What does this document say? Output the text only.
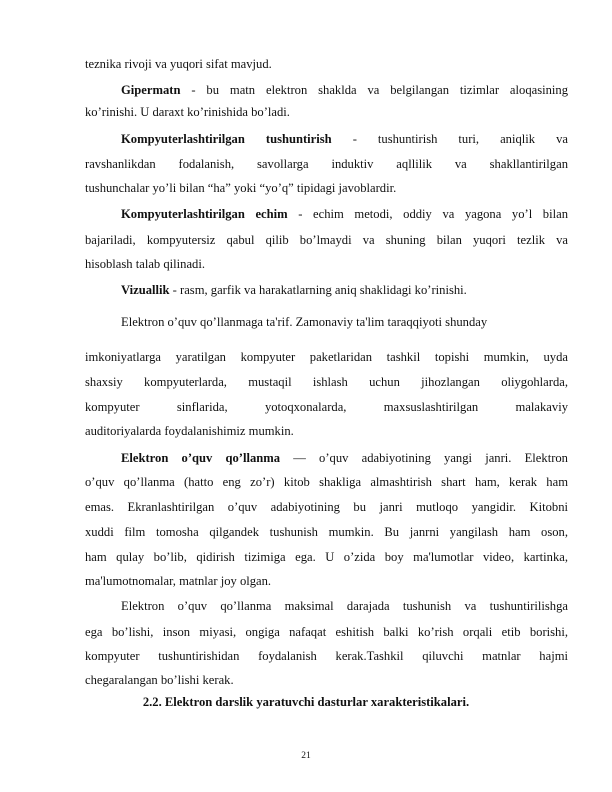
teznika rivoji va yuqori sifat mavjud.
Gipermatn - bu matn elektron shaklda va belgilangan tizimlar aloqasining
ko’rinishi. U daraxt ko’rinishida bo’ladi.
Kompyuterlashtirilgan tushuntirish - tushuntirish turi, aniqlik va
ravshanlikdan fodalanish, savollarga induktiv aqllilik va shakllantirilgan
tushunchalar yo’li bilan “ha” yoki “yo’q” tipidagi javoblardir.
Kompyuterlashtirilgan echim - echim metodi, oddiy va yagona yo’l bilan
bajariladi, kompyutersiz qabul qilib bo’lmaydi va shuning bilan yuqori tezlik va
hisoblash talab qilinadi.
Vizuallik - rasm, garfik va harakatlarning aniq shaklidagi ko’rinishi.
Elektron o’quv qo’llanmaga ta'rif. Zamonaviy ta'lim taraqqiyoti shunday
imkoniyatlarga yaratilgan kompyuter paketlaridan tashkil topishi mumkin, uyda
shaxsiy kompyuterlarda, mustaqil ishlash uchun jihozlangan oliygohlarda,
kompyuter sinflarida, yotoqxonalarda, maxsuslashtirilgan malakaviy
auditoriyalarda foydalanishimiz mumkin.
Elektron o’quv qo’llanma — o’quv adabiyotining yangi janri. Elektron
o’quv qo’llanma (hatto eng zo’r) kitob shakliga almashtirish shart ham, kerak ham
emas. Ekranlashtirilgan o’quv adabiyotining bu janri mutloqo yangidir. Kitobni
xuddi film tomosha qilgandek tushunish mumkin. Bu janrni yangilash ham oson,
ham qulay bo’lib, qidirish tizimiga ega. U o’zida boy ma'lumotlar video, kartinka,
ma'lumotnomalar, matnlar joy olgan.
Elektron o’quv qo’llanma maksimal darajada tushunish va tushuntirilishga
ega bo’lishi, inson miyasi, ongiga nafaqat eshitish balki ko’rish orqali etib borishi,
kompyuter tushuntirishidan foydalanish kerak.Tashkil qiluvchi matnlar hajmi
chegaralangan bo’lishi kerak.
2.2. Elektron darslik yaratuvchi dasturlar xarakteristikalari.
21
